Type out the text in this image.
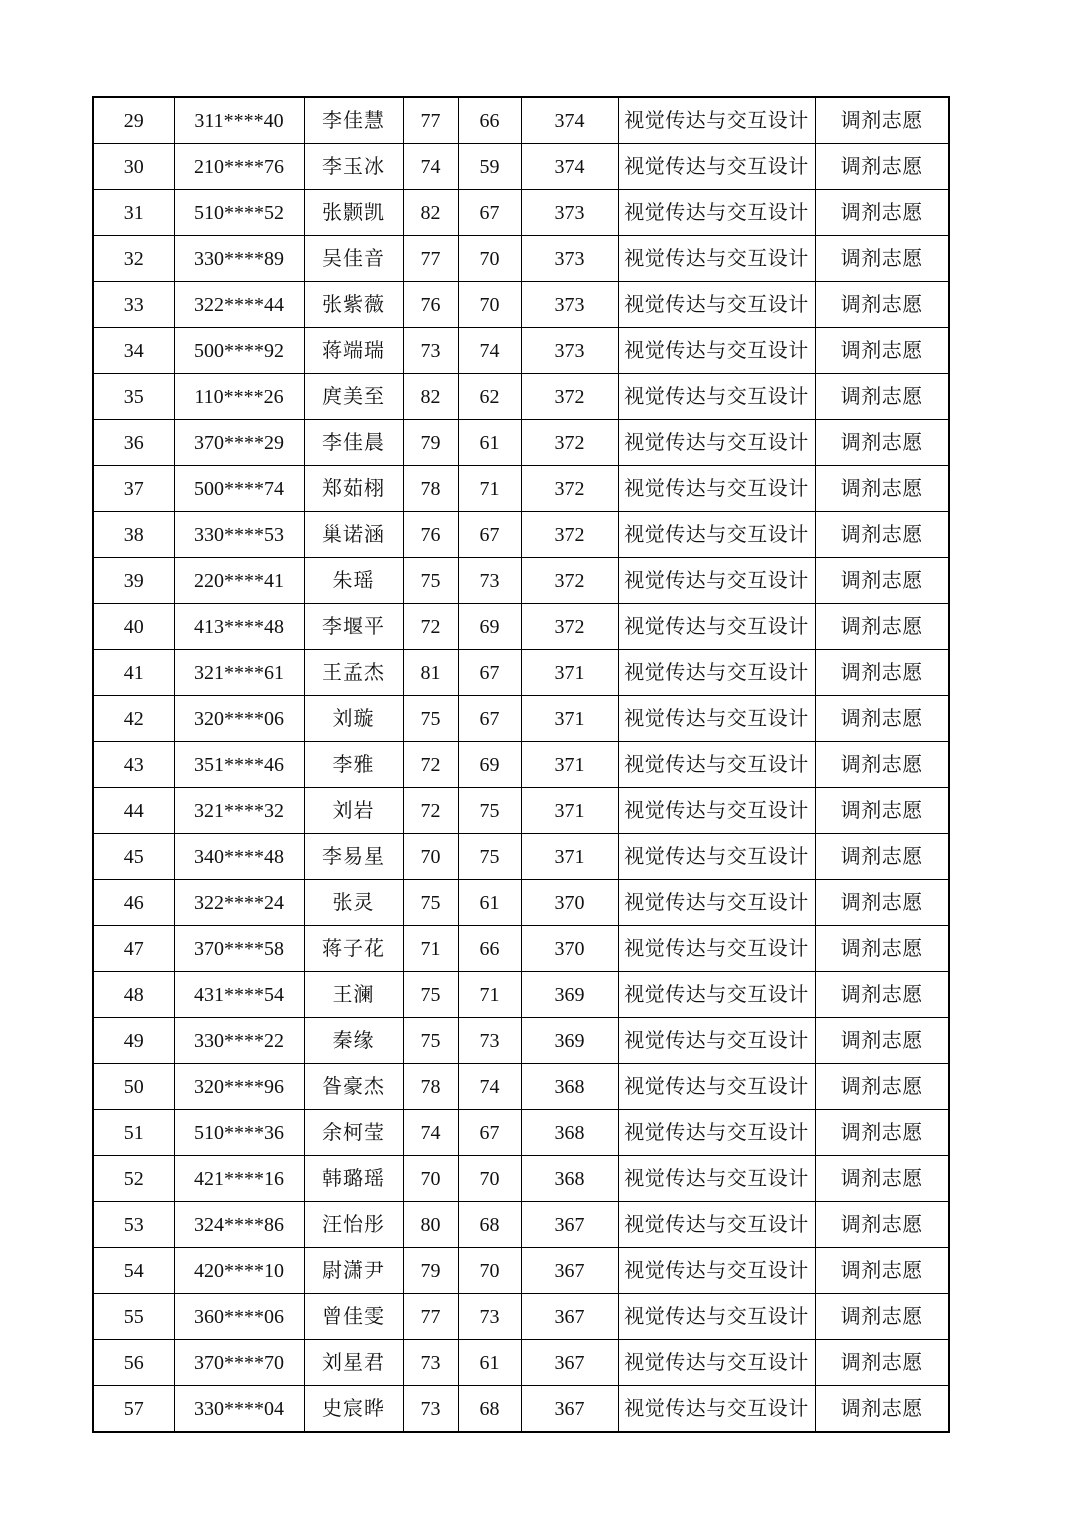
29	311****40	李佳慧	77	66	374	视觉传达与交互设计	调剂志愿
30	210****76	李玉冰	74	59	374	视觉传达与交互设计	调剂志愿
31	510****52	张颢凯	82	67	373	视觉传达与交互设计	调剂志愿
32	330****89	吴佳音	77	70	373	视觉传达与交互设计	调剂志愿
33	322****44	张紫薇	76	70	373	视觉传达与交互设计	调剂志愿
34	500****92	蒋端瑞	73	74	373	视觉传达与交互设计	调剂志愿
35	110****26	庹美至	82	62	372	视觉传达与交互设计	调剂志愿
36	370****29	李佳晨	79	61	372	视觉传达与交互设计	调剂志愿
37	500****74	郑茹栩	78	71	372	视觉传达与交互设计	调剂志愿
38	330****53	巢诺涵	76	67	372	视觉传达与交互设计	调剂志愿
39	220****41	朱瑶	75	73	372	视觉传达与交互设计	调剂志愿
40	413****48	李堰平	72	69	372	视觉传达与交互设计	调剂志愿
41	321****61	王孟杰	81	67	371	视觉传达与交互设计	调剂志愿
42	320****06	刘璇	75	67	371	视觉传达与交互设计	调剂志愿
43	351****46	李雅	72	69	371	视觉传达与交互设计	调剂志愿
44	321****32	刘岩	72	75	371	视觉传达与交互设计	调剂志愿
45	340****48	李易星	70	75	371	视觉传达与交互设计	调剂志愿
46	322****24	张灵	75	61	370	视觉传达与交互设计	调剂志愿
47	370****58	蒋子花	71	66	370	视觉传达与交互设计	调剂志愿
48	431****54	王澜	75	71	369	视觉传达与交互设计	调剂志愿
49	330****22	秦缘	75	73	369	视觉传达与交互设计	调剂志愿
50	320****96	昝豪杰	78	74	368	视觉传达与交互设计	调剂志愿
51	510****36	余柯莹	74	67	368	视觉传达与交互设计	调剂志愿
52	421****16	韩璐瑶	70	70	368	视觉传达与交互设计	调剂志愿
53	324****86	汪怡彤	80	68	367	视觉传达与交互设计	调剂志愿
54	420****10	尉潇尹	79	70	367	视觉传达与交互设计	调剂志愿
55	360****06	曾佳雯	77	73	367	视觉传达与交互设计	调剂志愿
56	370****70	刘星君	73	61	367	视觉传达与交互设计	调剂志愿
57	330****04	史宸晔	73	68	367	视觉传达与交互设计	调剂志愿
